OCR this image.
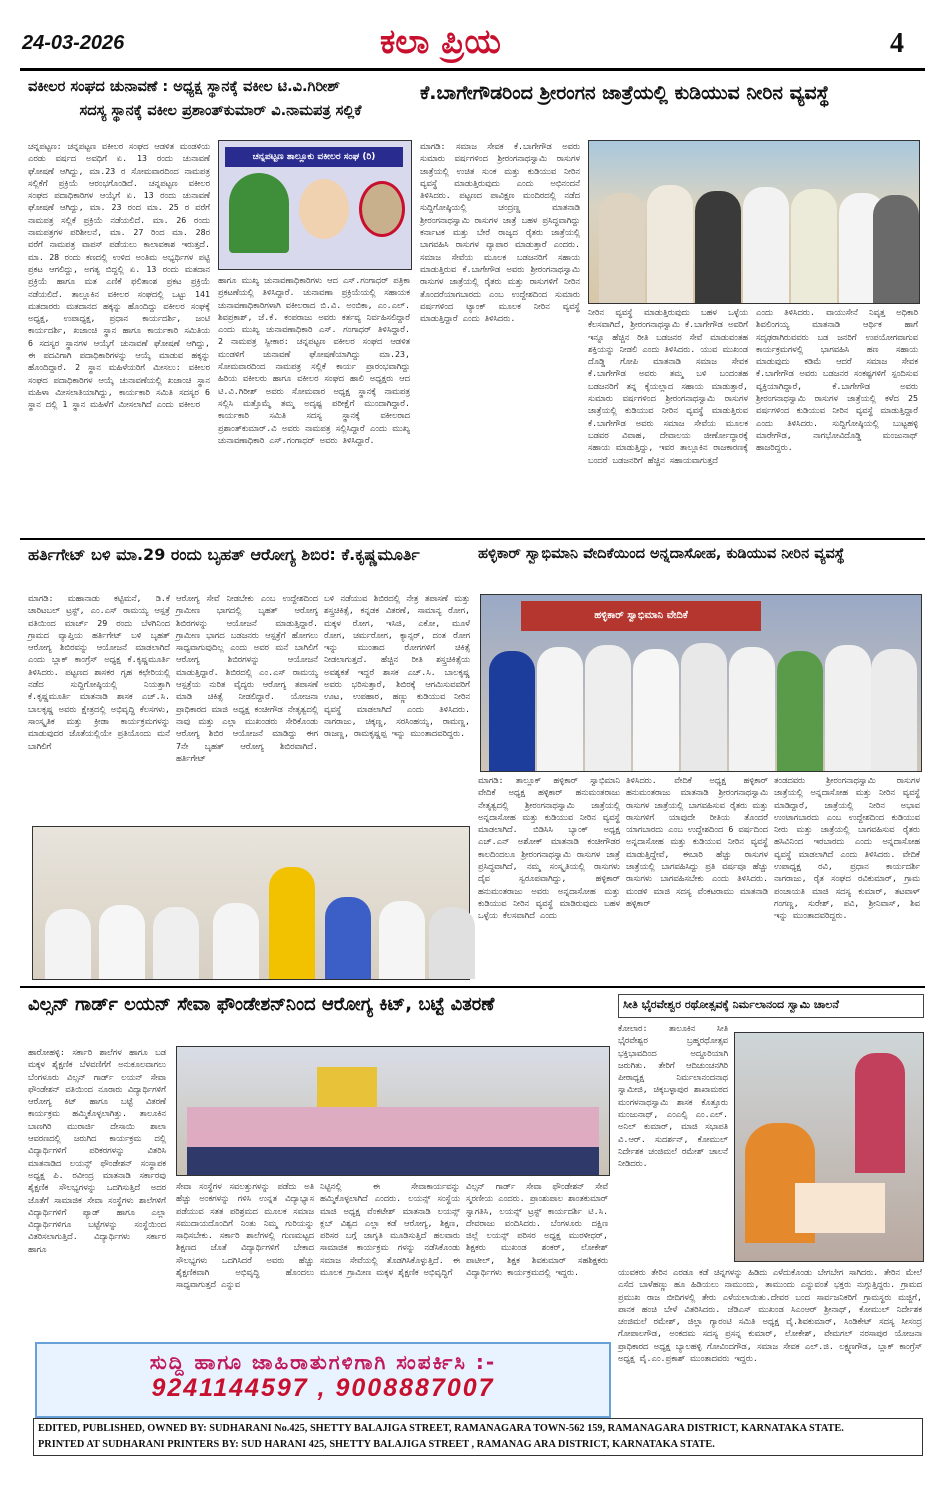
24-03-2026	ಕಲಾ ಪ್ರಿಯ	4
ವಕೀಲರ ಸಂಘದ ಚುನಾವಣೆ : ಅಧ್ಯಕ್ಷ ಸ್ಥಾನಕ್ಕೆ ವಕೀಲ ಟಿ.ವಿ.ಗಿರೀಶ್
ಸದಸ್ಯ ಸ್ಥಾನಕ್ಕೆ ವಕೀಲ ಪ್ರಶಾಂತ್‌ಕುಮಾರ್ ವಿ.ನಾಮಪತ್ರ ಸಲ್ಲಿಕೆ
ಚನ್ನಪಟ್ಟಣ: ಚನ್ನಪಟ್ಟಣ ವಕೀಲರ ಸಂಘದ ಆಡಳಿತ ಮಂಡಳಿಯ ಎರಡು ವರ್ಷದ ಅವಧಿಗೆ ಏ. 13 ರಂದು ಚುನಾವಣೆ ಘೋಷಣೆ ಆಗಿದ್ದು, ಮಾ.23 ರ ಸೋಮವಾರದಿಂದ ನಾಮಪತ್ರ ಸಲ್ಲಿಕೆಗೆ ಪ್ರಕ್ರಿಯೆ ಆರಂಭಗೊಂಡಿದೆ. ಚನ್ನಪಟ್ಟಣ ವಕೀಲರ ಸಂಘದ ಪದಾಧಿಕಾರಿಗಳ ಆಯ್ಕೆಗೆ ಏ. 13 ರಂದು ಚುನಾವಣೆ ಘೋಷಣೆ ಆಗಿದ್ದು, ಮಾ. 23 ರಂದ ಮಾ. 25 ರ ವರೆಗೆ ನಾಮಪತ್ರ ಸಲ್ಲಿಕೆ ಪ್ರಕ್ರಿಯೆ ನಡೆಯಲಿದೆ. ಮಾ. 26 ರಂದು ನಾಮಪತ್ರಗಳ ಪರಿಶೀಲನೆ, ಮಾ. 27 ರಿಂದ ಮಾ. 28ರ ವರೆಗೆ ನಾಮಪತ್ರ ವಾಪಸ್ ಪಡೆಯಲು ಕಾಲಾವಕಾಶ ಇರುತ್ತದೆ. ಮಾ. 28 ರಂದು ಕಣದಲ್ಲಿ ಉಳಿದ ಅಂತಿಮ ಅಭ್ಯರ್ಥಿಗಳ ಪಟ್ಟಿ ಪ್ರಕಟ ಆಗಲಿದ್ದು, ಅಗತ್ಯ ಬಿದ್ದಲ್ಲಿ ಏ. 13 ರಂದು ಮತದಾನ ಪ್ರಕ್ರಿಯೆ ಹಾಗೂ ಮತ ಎಣಿಕೆ ಫಲಿತಾಂಶ ಪ್ರಕಟ ಪ್ರಕ್ರಿಯೆ ನಡೆಯಲಿದೆ. ತಾಲ್ಲೂಕಿನ ವಕೀಲರ ಸಂಘದಲ್ಲಿ ಒಟ್ಟು 141 ಮತದಾರರು ಮತದಾನದ ಹಕ್ಕನ್ನು ಹೊಂದಿದ್ದು ವಕೀಲರ ಸಂಘಕ್ಕೆ ಅಧ್ಯಕ್ಷ, ಉಪಾಧ್ಯಕ್ಷ, ಪ್ರಧಾನ ಕಾರ್ಯದರ್ಶಿ, ಜಂಟಿ ಕಾರ್ಯದರ್ಶಿ, ಖಜಾಂಚಿ ಸ್ಥಾನ ಹಾಗೂ ಕಾರ್ಯಕಾರಿ ಸಮಿತಿಯ 6 ಸದಸ್ಯರ ಸ್ಥಾನಗಳ ಆಯ್ಕೆಗೆ ಚುನಾವಣೆ ಘೋಷಣೆ ಆಗಿದ್ದು, ಈ ಪದವಿಗಾಗಿ ಪದಾಧಿಕಾರಿಗಳನ್ನು ಆಯ್ಕೆ ಮಾಡುವ ಹಕ್ಕನ್ನು ಹೊಂದಿದ್ದಾರೆ. 2 ಸ್ಥಾನ ಮಹಿಳೆಯರಿಗೆ ಮೀಸಲು: ವಕೀಲರ ಸಂಘದ ಪದಾಧಿಕಾರಿಗಳ ಆಯ್ಕೆ ಚುನಾವಣೆಯಲ್ಲಿ ಖಜಾಂಚಿ ಸ್ಥಾನ ಮಹಿಳಾ ಮೀಸಲಾತಿಯಾಗಿದ್ದು, ಕಾರ್ಯಕಾರಿ ಸಮಿತಿ ಸದಸ್ಯರ 6 ಸ್ಥಾನ ದಲ್ಲಿ 1 ಸ್ಥಾನ ಮಹಿಳೆಗೆ ಮೀಸಲಾಗಿದೆ ಎಂದು ವಕೀಲರ
ಚನ್ನಪಟ್ಟಣ ತಾಲ್ಲೂಕು ವಕೀಲರ ಸಂಘ (ರಿ)
ಹಾಗೂ ಮುಖ್ಯ ಚುನಾವಣಾಧಿಕಾರಿಗಳು ಆದ ಎಸ್.ಗಂಗಾಧರ್ ಪತ್ರಿಕಾ ಪ್ರಕಟಣೆಯಲ್ಲಿ ತಿಳಿಸಿದ್ದಾರೆ. ಚುನಾವಣಾ ಪ್ರಕ್ರಿಯೆಯಲ್ಲಿ ಸಹಾಯಕ ಚುನಾವಣಾಧಿಕಾರಿಗಳಾಗಿ ವಕೀಲರಾದ ಬಿ.ವಿ. ಅಂಬಿಕಾ, ಎಂ.ಎಲ್. ಶಿವಪ್ರಕಾಶ್, ಜೆ.ಕೆ. ಕಂಪರಾಜು ಅವರು ಕರ್ತವ್ಯ ನಿರ್ವಹಿಸಲಿದ್ದಾರೆ ಎಂದು ಮುಖ್ಯ ಚುನಾವಣಾಧಿಕಾರಿ ಎಸ್. ಗಂಗಾಧರ್ ತಿಳಿಸಿದ್ದಾರೆ. 2 ನಾಮಪತ್ರ ಸ್ವೀಕಾರ: ಚನ್ನಪಟ್ಟಣ ವಕೀಲರ ಸಂಘದ ಆಡಳಿತ ಮಂಡಳಿಗೆ ಚುನಾವಣೆ ಘೋಷಣೆಯಾಗಿದ್ದು ಮಾ.23, ಸೋಮವಾರದಿಂದ ನಾಮಪತ್ರ ಸಲ್ಲಿಕೆ ಕಾರ್ಯ ಪ್ರಾರಂಭವಾಗಿದ್ದು ಹಿರಿಯ ವಕೀಲರು ಹಾಗೂ ವಕೀಲರ ಸಂಘದ ಹಾಲಿ ಅಧ್ಯಕ್ಷರು ಆದ ಟಿ.ವಿ.ಗಿರೀಶ್ ಅವರು ಸೋಮವಾರ ಅಧ್ಯಕ್ಷ ಸ್ಥಾನಕ್ಕೆ ನಾಮಪತ್ರ ಸಲ್ಲಿಸಿ ಮತ್ತೊಮ್ಮೆ ತಮ್ಮ ಅದೃಷ್ಟ ಪರೀಕ್ಷೆಗೆ ಮುಂದಾಗಿದ್ದಾರೆ. ಕಾರ್ಯಕಾರಿ ಸಮಿತಿ ಸದಸ್ಯ ಸ್ಥಾನಕ್ಕೆ ವಕೀಲರಾದ ಪ್ರಶಾಂತ್‌ಕುಮಾರ್.ವಿ ಅವರು ನಾಮಪತ್ರ ಸಲ್ಲಿಸಿದ್ದಾರೆ ಎಂದು ಮುಖ್ಯ ಚುನಾವಣಾಧಿಕಾರಿ ಎಸ್.ಗಂಗಾಧರ್ ಅವರು ತಿಳಿಸಿದ್ದಾರೆ.
ಕೆ.ಬಾಗೇಗೌಡರಿಂದ ಶ್ರೀರಂಗನ ಜಾತ್ರೆಯಲ್ಲಿ ಕುಡಿಯುವ ನೀರಿನ ವ್ಯವಸ್ಥೆ
ಮಾಗಡಿ: ಸಮಾಜ ಸೇವಕ ಕೆ.ಬಾಗೇಗೌಡ ಅವರು ಸುಮಾರು ವರ್ಷಗಳಿಂದ ಶ್ರೀರಂಗನಾಥಸ್ವಾಮಿ ರಾಸುಗಳ ಜಾತ್ರೆಯಲ್ಲಿ ಉಚಿತ ಸುಂಕ ಮತ್ತು ಕುಡಿಯುವ ನೀರಿನ ವ್ಯವಸ್ಥೆ ಮಾಡುತ್ತಿರುವುದು ಎಂದು ಅಭಿನಂದನೆ ತಿಳಿಸಿದರು. ಪಟ್ಟಣದ ಪಾವಿಕ್ಷಣ ಮಂದಿರದಲ್ಲಿ ನಡೆದ ಸುದ್ದಿಗೋಷ್ಠಿಯಲ್ಲಿ ಚಂದ್ರಣ್ಣ ಮಾತನಾಡಿ ಶ್ರೀರಂಗನಾಥಸ್ವಾಮಿ ರಾಸುಗಳ ಜಾತ್ರೆ ಬಹಳ ಪ್ರಸಿದ್ಧವಾಗಿದ್ದು ಕರ್ನಾಟಕ ಮತ್ತು ಬೇರೆ ರಾಜ್ಯದ ರೈತರು ಜಾತ್ರೆಯಲ್ಲಿ ಬಾಗವಹಿಸಿ ರಾಸುಗಳ ವ್ಯಾಪಾರ ಮಾಡುತ್ತಾರೆ ಎಂದರು. ಸಮಾಜ ಸೇವೆಯ ಮೂಲಕ ಬಡಜನರಿಗೆ ಸಹಾಯ ಮಾಡುತ್ತಿರುವ ಕೆ.ಬಾಗೇಗೌಡ ಅವರು ಶ್ರೀರಂಗನಾಥಸ್ವಾಮಿ ರಾಸುಗಳ ಜಾತ್ರೆಯಲ್ಲಿ ರೈತರು ಮತ್ತು ರಾಸುಗಳಿಗೆ ನೀರಿನ ತೊಂದರೆಯಾಗಬಾರದು ಎಂಬ ಉದ್ದೇಶದಿಂದ ಸುಮಾರು ವರ್ಷಗಳಿಂದ ಟ್ಯಾಂಕ್ ಮೂಲಕ ನೀರಿನ ವ್ಯವಸ್ಥೆ ಮಾಡುತ್ತಿದ್ದಾರೆ ಎಂದು ತಿಳಿಸಿದರು.
ನೀರಿನ ವ್ಯವಸ್ಥೆ ಮಾಡುತ್ತಿರುವುದು ಬಹಳ ಒಳ್ಳೆಯ ಕೆಲಸವಾಗಿದೆ, ಶ್ರೀರಂಗನಾಥಸ್ವಾಮಿ ಕೆ.ಬಾಗೇಗೌಡ ಅವರಿಗೆ ಇನ್ನೂ ಹೆಚ್ಚಿನ ರೀತಿ ಬಡಜನರ ಸೇವೆ ಮಾಡುವಂತಹ ಶಕ್ತಿಯನ್ನು ನೀಡಲಿ ಎಂದು ತಿಳಿಸಿದರು. ಯುವ ಮುಖಂಡ ದೊಡ್ಡಿ ಗೋಪಿ ಮಾತನಾಡಿ ಸಮಾಜ ಸೇವಕ ಕೆ.ಬಾಗೇಗೌಡ ಅವರು ತಮ್ಮ ಬಳಿ ಬಂದಂತಹ ಬಡಜನರಿಗೆ ತನ್ನ ಕೈಯಲ್ಲಾದ ಸಹಾಯ ಮಾಡುತ್ತಾರೆ, ಸುಮಾರು ವರ್ಷಗಳಿಂದ ಶ್ರೀರಂಗನಾಥಸ್ವಾಮಿ ರಾಸುಗಳ ಜಾತ್ರೆಯಲ್ಲಿ ಕುಡಿಯುವ ನೀರಿನ ವ್ಯವಸ್ಥೆ ಮಾಡುತ್ತಿರುವ ಕೆ.ಬಾಗೇಗೌಡ ಅವರು ಸಮಾಜ ಸೇವೆಯ ಮೂಲಕ ಬಡವರ ವಿವಾಹ, ದೇವಾಲಯ ಜೀರ್ಣೋದ್ಧಾರಕ್ಕೆ ಸಹಾಯ ಮಾಡುತ್ತಿದ್ದು, ಇವರ ತಾಲ್ಲೂಕಿನ ರಾಜಕಾರಣಕ್ಕೆ ಬಂದರೆ ಬಡಜನರಿಗೆ ಹೆಚ್ಚಿನ ಸಹಾಯವಾಗುತ್ತದೆ
ಎಂದು ತಿಳಿಸಿದರು. ವಾಯುಸೇನೆ ನಿವೃತ್ತ ಅಧಿಕಾರಿ ಶಿವಲಿಂಗಯ್ಯ ಮಾತನಾಡಿ ಆರ್ಥಿಕ ಹಾಗೆ ಸದೃಢರಾಗಿರುವವರು ಬಡ ಜನರಿಗೆ ಉಪಯೋಗವಾಗುವ ಕಾರ್ಯಕ್ರಮಗಳಲ್ಲಿ ಭಾಗವಹಿಸಿ ಹಣ ಸಹಾಯ ಮಾಡುವುದು ಕಡಿಮೆ ಆದರೆ ಸಮಾಜ ಸೇವಕ ಕೆ.ಬಾಗೇಗೌಡ ಅವರು ಬಡಜನರ ಸಂಕಷ್ಟಗಳಿಗೆ ಸ್ಪಂದಿಸುವ ವ್ಯಕ್ತಿಯಾಗಿದ್ದಾರೆ, ಕೆ.ಬಾಗೇಗೌಡ ಅವರು ಶ್ರೀರಂಗನಾಥಸ್ವಾಮಿ ರಾಸುಗಳ ಜಾತ್ರೆಯಲ್ಲಿ ಕಳೆದ 25 ವರ್ಷಗಳಿಂದ ಕುಡಿಯುವ ನೀರಿನ ವ್ಯವಸ್ಥೆ ಮಾಡುತ್ತಿದ್ದಾರೆ ಎಂದು ತಿಳಿಸಿದರು. ಸುದ್ದಿಗೋಷ್ಠಿಯಲ್ಲಿ ಬುಟ್ಟಹಳ್ಳಿ ಮಾರೇಗೌಡ, ನಾಗಭೋವಿದೊಡ್ಡಿ ಮಂಜುನಾಥ್ ಹಾಜರಿದ್ದರು.
ಹರ್ತಿಗೇಟ್ ಬಳಿ ಮಾ.29 ರಂದು ಬೃಹತ್ ಆರೋಗ್ಯ ಶಿಬಿರ: ಕೆ.ಕೃಷ್ಣಮೂರ್ತಿ
ಮಾಗಡಿ: ಮಹಾನಾಡು ಕಟ್ಟಿಮನೆ, ಡಿ.ಕೆ ಚಾರಿಟಬಲ್ ಟ್ರಸ್ಟ್, ಎಂ.ಎಸ್ ರಾಮಯ್ಯ ಆಸ್ಪತ್ರೆ ವತಿಯಿಂದ ಮಾರ್ಚ್ 29 ರಂದು ಬೆಳಗಿನಿಂದ ಗ್ರಾಮದ ವ್ಯಾಪ್ತಿಯ ಹರ್ತಿಗೇಟ್ ಬಳಿ ಬೃಹತ್ ಆರೋಗ್ಯ ಶಿಬಿರವನ್ನು ಆಯೋಜನೆ ಮಾಡಲಾಗಿದೆ ಎಂದು ಬ್ಲಾಕ್ ಕಾಂಗ್ರೆಸ್ ಅಧ್ಯಕ್ಷ ಕೆ.ಕೃಷ್ಣಮೂರ್ತಿ ತಿಳಿಸಿದರು. ಪಟ್ಟಣದ ಶಾಸಕರ ಗೃಹ ಕಛೇರಿಯಲ್ಲಿ ನಡೆದ ಸುದ್ದಿಗೋಷ್ಠಿಯಲ್ಲಿ ನಿಯತ್ತಾಗಿ ಕೆ.ಕೃಷ್ಣಮೂರ್ತಿ ಮಾತನಾಡಿ ಶಾಸಕ ಎಚ್.ಸಿ. ಬಾಲಕೃಷ್ಣ ಅವರು ಕ್ಷೇತ್ರದಲ್ಲಿ ಅಭಿವೃದ್ಧಿ ಕೆಲಸಗಳು, ಸಾಂಸ್ಕೃತಿಕ ಮತ್ತು ಕ್ರೀಡಾ ಕಾರ್ಯಕ್ರಮಗಳನ್ನು ಮಾಡುವುದರ ಜೊತೆಯಲ್ಲಿಯೇ ಪ್ರತಿಯೊಂದು ಮನೆ ಬಾಗಿಲಿಗೆ
ಆರೋಗ್ಯ ಸೇವೆ ನೀಡಬೇಕು ಎಂಬ ಉದ್ದೇಶದಿಂದ ಗ್ರಾಮೀಣ ಭಾಗದಲ್ಲಿ ಬೃಹತ್ ಆರೋಗ್ಯ ಶಿಬಿರಗಳನ್ನು ಆಯೋಜನೆ ಮಾಡುತ್ತಿದ್ದಾರೆ. ಗ್ರಾಮೀಣ ಭಾಗದ ಬಡಜನರು ಆಸ್ಪತ್ರೆಗೆ ಹೋಗಲು ಸಾಧ್ಯವಾಗುವುದಿಲ್ಲ ಎಂದು ಅವರ ಮನೆ ಬಾಗಿಲಿಗೆ ಆರೋಗ್ಯ ಶಿಬಿರಗಳನ್ನು ಆಯೋಜನೆ ಮಾಡುತ್ತಿದ್ದಾರೆ. ಶಿಬಿರದಲ್ಲಿ ಎಂ.ಎಸ್ ರಾಮಯ್ಯ ಆಸ್ಪತ್ರೆಯ ನುರಿತ ವೈದ್ಯರು ಆರೋಗ್ಯ ತಪಾಸಣೆ ಮಾಡಿ ಚಿಕಿತ್ಸೆ ನೀಡಲಿದ್ದಾರೆ. ಯೋಜನಾ ಪ್ರಾಧಿಕಾರದ ಮಾಜಿ ಅಧ್ಯಕ್ಷ ಕಂಚೀಗೌಡ ನೇತೃತ್ವದಲ್ಲಿ ನಾವು ಮತ್ತು ಎಲ್ಲಾ ಮುಖಂಡರು ಸೇರಿಕೊಂಡು ಆರೋಗ್ಯ ಶಿಬಿರ ಆಯೋಜನೆ ಮಾಡಿದ್ದು ಈಗ 7ನೇ ಬೃಹತ್ ಆರೋಗ್ಯ ಶಿಬಿರವಾಗಿದೆ. ಹರ್ತಿಗೇಟ್
ಬಳಿ ನಡೆಯುವ ಶಿಬಿರದಲ್ಲಿ ನೇತ್ರ ತಪಾಸಣೆ ಮತ್ತು ಶಸ್ತ್ರಚಿಕಿತ್ಸೆ, ಕನ್ನಡಕ ವಿತರಣೆ, ಸಾಮಾನ್ಯ ರೋಗ, ಮಕ್ಕಳ ರೋಗ, ಇಸಿಜಿ, ಎಕೋ, ಮೂಳೆ ರೋಗ, ಚರ್ಮರೋಗ, ಕ್ಯಾನ್ಸರ್, ದಂತ ರೋಗ ಇನ್ನು ಮುಂತಾದ ರೋಗಗಳಿಗೆ ಚಿಕಿತ್ಸೆ ನೀಡಲಾಗುತ್ತದೆ. ಹೆಚ್ಚಿನ ರೀತಿ ಶಸ್ತ್ರಚಿಕಿತ್ಸೆಯ ಅವಶ್ಯಕತೆ ಇದ್ದರೆ ಶಾಸಕ ಎಚ್.ಸಿ. ಬಾಲಕೃಷ್ಣ ಅವರು ಭರಿಸುತ್ತಾರೆ, ಶಿಬಿರಕ್ಕೆ ಆಗಮಿಸುವವರಿಗೆ ಊಟ, ಉಪಹಾರ, ಹಣ್ಣು ಕುಡಿಯುವ ನೀರಿನ ವ್ಯವಸ್ಥೆ ಮಾಡಲಾಗಿದೆ ಎಂದು ತಿಳಿಸಿದರು. ನಾಗರಾಜು, ಚಿಕ್ಕಣ್ಣ, ಸರಸಿಂಹಯ್ಯ, ರಾಮಣ್ಣ, ರಾಜಣ್ಣ, ರಾಮಕೃಷ್ಣಪ್ಪ ಇನ್ನು ಮುಂತಾದವರಿದ್ದರು.
ಹಳ್ಳಿಕಾರ್ ಸ್ವಾಭಿಮಾನಿ ವೇದಿಕೆಯಿಂದ ಅನ್ನದಾಸೋಹ, ಕುಡಿಯುವ ನೀರಿನ ವ್ಯವಸ್ಥೆ
ಹಳ್ಳಿಕಾರ್ ಸ್ವಾಭಿಮಾನಿ ವೇದಿಕೆ
ಮಾಗಡಿ: ತಾಲ್ಲೂಕ್ ಹಳ್ಳಿಕಾರ್ ಸ್ವಾಭಿಮಾನಿ ವೇದಿಕೆ ಅಧ್ಯಕ್ಷ ಹಳ್ಳಿಕಾರ್ ಹನುಮಂತರಾಜು ನೇತೃತ್ವದಲ್ಲಿ ಶ್ರೀರಂಗನಾಥಸ್ವಾಮಿ ಜಾತ್ರೆಯಲ್ಲಿ ಅನ್ನದಾಸೋಹ ಮತ್ತು ಕುಡಿಯುವ ನೀರಿನ ವ್ಯವಸ್ಥೆ ಮಾಡಲಾಗಿದೆ. ಬಿಡಿಸಿಸಿ ಬ್ಯಾಂಕ್ ಅಧ್ಯಕ್ಷ ಎಚ್.ಎನ್ ಅಶೋಕ್ ಮಾತನಾಡಿ ಕಂಚೀಗೌಡರ ಕಾಲದಿಂದಲೂ ಶ್ರೀರಂಗನಾಥಸ್ವಾಮಿ ರಾಸುಗಳ ಜಾತ್ರೆ ಪ್ರಸಿದ್ಧವಾಗಿದೆ, ನಮ್ಮ ಸಂಸ್ಕೃತಿಯಲ್ಲಿ ರಾಸುಗಳು ದೈವ ಸ್ವರೂಪವಾಗಿದ್ದು, ಹಳ್ಳಿಕಾರ್ ಹನುಮಂತರಾಜು ಅವರು ಅನ್ನದಾಸೋಹ ಮತ್ತು ಕುಡಿಯುವ ನೀರಿನ ವ್ಯವಸ್ಥೆ ಮಾಡಿರುವುದು ಬಹಳ ಒಳ್ಳೆಯ ಕೆಲಸವಾಗಿದೆ ಎಂದು
ತಿಳಿಸಿದರು. ವೇದಿಕೆ ಅಧ್ಯಕ್ಷ ಹಳ್ಳಿಕಾರ್ ಹನುಮಂತರಾಜು ಮಾತನಾಡಿ ಶ್ರೀರಂಗನಾಥಸ್ವಾಮಿ ರಾಸುಗಳ ಜಾತ್ರೆಯಲ್ಲಿ ಬಾಗವಹಿಸುವ ರೈತರು ಮತ್ತು ರಾಸುಗಳಿಗೆ ಯಾವುದೇ ರೀತಿಯ ತೊಂದರೆ ಯಾಗಬಾರದು ಎಂಬ ಉದ್ದೇಶದಿಂದ 6 ವರ್ಷದಿಂದ ಅನ್ನದಾಸೋಹ ಮತ್ತು ಕುಡಿಯುವ ನೀರಿನ ವ್ಯವಸ್ಥೆ ಮಾಡುತ್ತಿದ್ದೇವೆ, ಈಬಾರಿ ಹೆಚ್ಚು ರಾಸುಗಳ ಜಾತ್ರೆಯಲ್ಲಿ ಬಾಗವಹಿಸಿದ್ದು ಪ್ರತಿ ವರ್ಷವೂ ಹೆಚ್ಚು ರಾಸುಗಳು ಬಾಗವಹಿಸಬೇಕು ಎಂದು ತಿಳಿಸಿದರು. ಮಂಡಳಿ ಮಾಜಿ ಸದಸ್ಯ ವೆಂಕಟರಾಮು ಮಾತನಾಡಿ ಹಳ್ಳಿಕಾರ್
ತಂಡದವರು ಶ್ರೀರಂಗನಾಥಸ್ವಾಮಿ ರಾಸುಗಳ ಜಾತ್ರೆಯಲ್ಲಿ ಅನ್ನದಾಸೋಹ ಮತ್ತು ನೀರಿನ ವ್ಯವಸ್ಥೆ ಮಾಡಿದ್ದಾರೆ, ಜಾತ್ರೆಯಲ್ಲಿ ನೀರಿನ ಅಭಾವ ಉಂಟಾಗಬಾರದು ಎಂಬ ಉದ್ದೇಶದಿಂದ ಕುಡಿಯುವ ನೀರು ಮತ್ತು ಜಾತ್ರೆಯಲ್ಲಿ ಬಾಗವಹಿಸುವ ರೈತರು ಹಸಿವಿನಿಂದ ಇರಬಾರದು ಎಂದು ಅನ್ನದಾಸೋಹ ವ್ಯವಸ್ಥೆ ಮಾಡಲಾಗಿದೆ ಎಂದು ತಿಳಿಸಿದರು. ವೇದಿಕೆ ಉಪಾಧ್ಯಕ್ಷ ರವಿ, ಪ್ರಧಾನ ಕಾರ್ಯದರ್ಶಿ ನಾಗರಾಜು, ರೈತ ಸಂಘದ ರವಿಕುಮಾರ್, ಗ್ರಾಮ ಪಂಚಾಯತಿ ಮಾಜಿ ಸದಸ್ಯ ಕುಮಾರ್, ತಟವಾಳ್ ಗಂಗಣ್ಣ, ಸುರೇಶ್, ಪವಿ, ಶ್ರೀನಿವಾಸ್, ಶಿವ ಇನ್ನು ಮುಂತಾದವರಿದ್ದರು.
ವಿಲ್ಸನ್ ಗಾರ್ಡ್ ಲಯನ್ ಸೇವಾ ಫೌಂಡೇಶನ್‌ನಿಂದ ಆರೋಗ್ಯ ಕಿಟ್, ಬಟ್ಟೆ ವಿತರಣೆ
ಹಾರೋಹಳ್ಳಿ: ಸರ್ಕಾರಿ ಶಾಲೆಗಳ ಹಾಗೂ ಬಡ ಮಕ್ಕಳ ಶೈಕ್ಷಣಿಕ ಬೆಳವಣಿಗೆಗೆ ಅನುಕೂಲವಾಗಲು ಬೆಂಗಳೂರು ವಿಲ್ಸನ್ ಗಾರ್ಡ್ ಲಯನ್ ಸೇವಾ ಫೌಂಡೇಶನ್ ವತಿಯಿಂದ ನೂರಾರು ವಿದ್ಯಾರ್ಥಿಗಳಿಗೆ ಆರೋಗ್ಯ ಕಿಟ್ ಹಾಗೂ ಬಟ್ಟೆ ವಿತರಣೆ ಕಾರ್ಯಕ್ರಮ ಹಮ್ಮಿಕೊಳ್ಳಲಾಗಿತ್ತು. ತಾಲೂಕಿನ ಬಾಣಗಿರಿ ಮುರಾರ್ಜಿ ದೇಸಾಯಿ ಶಾಲಾ ಆವರಣದಲ್ಲಿ ಜರುಗಿದ ಕಾರ್ಯಕ್ರಮ ದಲ್ಲಿ ವಿದ್ಯಾರ್ಥಿಗಳಿಗೆ ಪರಿಕರಗಳನ್ನು ವಿತರಿಸಿ ಮಾತನಾಡಿದ ಲಯನ್ಸ್ ಫೌಂಡೇಶನ್ ಸಂಸ್ಥಾಪಕ ಅಧ್ಯಕ್ಷ ಪಿ. ರವೀಂದ್ರ ಮಾತನಾಡಿ ಸರ್ಕಾರವು ಶೈಕ್ಷಣಿಕ ಸೌಲಭ್ಯಗಳನ್ನು ಒದಗಿಸುತ್ತಿದೆ ಅದರ ಜೊತೆಗೆ ಸಾಮಾಜಿಕ ಸೇವಾ ಸಂಸ್ಥೆಗಳು ಶಾಲೆಗಳಿಗೆ ವಿದ್ಯಾರ್ಥಿಗಳಿಗೆ ಪ್ಯಾಡ್ ಹಾಗೂ ಎಲ್ಲಾ ವಿದ್ಯಾರ್ಥಿಗಳಿಗೂ ಬಟ್ಟೆಗಳನ್ನು ಸಂಸ್ಥೆಯಿಂದ ವಿತರಿಸಲಾಗುತ್ತಿದೆ. ವಿದ್ಯಾರ್ಥಿಗಳು ಸರ್ಕಾರ ಹಾಗೂ
ಸೇವಾ ಸಂಸ್ಥೆಗಳ ಸವಲತ್ತುಗಳನ್ನು ಪಡೆದು ಅತಿ ಹೆಚ್ಚು ಅಂಕಗಳನ್ನು ಗಳಿಸಿ ಉನ್ನತ ವಿದ್ಯಾಭ್ಯಾಸ ಪಡೆಯುವ ಸತತ ಪರಿಶ್ರಮದ ಮೂಲಕ ಸಮಾಜ ಸಮುದಾಯದೊಂದಿಗೆ ನಿಂತು ನಿಮ್ಮ ಗುರಿಯನ್ನು ಸಾಧಿಸಬೇಕು. ಸರ್ಕಾರಿ ಶಾಲೆಗಳಲ್ಲಿ ಗುಣಮಟ್ಟದ ಶಿಕ್ಷಣದ ಜೊತೆ ವಿದ್ಯಾರ್ಥಿಗಳಿಗೆ ಬೇಕಾದ ಸೌಲಭ್ಯಗಳು ಒದಗಿಸಿದರೆ ಅವರು ಹೆಚ್ಚು ಶೈಕ್ಷಣಿಕವಾಗಿ ಅಭಿವೃದ್ಧಿ ಹೊಂದಲು ಸಾಧ್ಯವಾಗುತ್ತದೆ ಎನ್ನುವ
ನಿಟ್ಟಿನಲ್ಲಿ ಈ ಸೇವಾಕಾರ್ಯವನ್ನು ಹಮ್ಮಿಕೊಳ್ಳಲಾಗಿದೆ ಎಂದರು. ಲಯನ್ಸ್ ಸಂಸ್ಥೆಯ ಮಾಜಿ ಅಧ್ಯಕ್ಷ ವೆಂಕಟೇಶ್ ಮಾತನಾಡಿ ಲಯನ್ಸ್ ಕ್ಲಬ್ ವಿಶ್ವದ ಎಲ್ಲಾ ಕಡೆ ಆರೋಗ್ಯ, ಶಿಕ್ಷಣ, ಪರಿಸರ ಬಗ್ಗೆ ಜಾಗೃತಿ ಮೂಡಿಸುತ್ತಿದೆ ಹಲವಾರು ಸಾಮಾಜಿಕ ಕಾರ್ಯಕ್ರಮ ಗಳನ್ನು ನಡೆಸಿಕೊಂಡು ಸಮಾಜ ಸೇವೆಯಲ್ಲಿ ತೊಡಗಿಸಿಕೊಳ್ಳುತ್ತಿದೆ. ಈ ಮೂಲಕ ಗ್ರಾಮೀಣ ಮಕ್ಕಳ ಶೈಕ್ಷಣಿಕ ಅಭಿವೃದ್ಧಿಗೆ
ವಿಲ್ಸನ್ ಗಾರ್ಡ್ ಸೇವಾ ಫೌಂಡೇಶನ್ ಸೇವೆ ಸ್ಮರಣೀಯ ಎಂದರು. ಪ್ರಾಂಶುಪಾಲ ಶಾಂತಕುಮಾರ್ ಸ್ವಾಗತಿಸಿ, ಲಯನ್ಸ್ ಟ್ರಸ್ಟ್ ಕಾರ್ಯದರ್ಶಿ ಟಿ.ಸಿ. ದೇವರಾಜು ವಂದಿಸಿದರು. ಬೆಂಗಳೂರು ದಕ್ಷಿಣ ಜಿಲ್ಲೆ ಲಯನ್ಸ್ ಪರಿಸರ ಅಧ್ಯಕ್ಷ ಮುರಳೀಧರ್, ಶಿಕ್ಷಕರು ಮುಖಂಡ ಶಂಕರ್, ಲೋಕೇಶ್ ಪಾಟೀಲ್, ಶಿಕ್ಷಕ ಶಿವಕುಮಾರ್ ಸಹಶಿಕ್ಷಕರು ವಿದ್ಯಾರ್ಥಿಗಳು ಕಾರ್ಯಕ್ರಮದಲ್ಲಿ ಇದ್ದರು.
ಸೀತಿ ಭೈರವೇಶ್ವರ ರಥೋತ್ಸವಕ್ಕೆ ನಿರ್ಮಲಾನಂದ ಸ್ವಾಮಿ ಚಾಲನೆ
ಕೋಲಾರ: ತಾಲೂಕಿನ ಸೀತಿ ಭೈರವೇಶ್ವರ ಬ್ರಹ್ಮರಥೋತ್ಸವ ಭಕ್ತಿಭಾವದಿಂದ ಅದ್ದೂರಿಯಾಗಿ ಜರುಗಿತು. ತೇರಿಗೆ ಆದಿಚುಂಚನಗಿರಿ ಪೀಠಾಧ್ಯಕ್ಷ ನಿರ್ಮಲಾನಂದನಾಥ ಸ್ವಾಮೀಜಿ, ಚಿಕ್ಕಬಳ್ಳಾಪುರ ಶಾಖಾಮಠದ ಮಂಗಳನಾಥಸ್ವಾಮಿ ಶಾಸಕ ಕೊತ್ತೂರು ಮಂಜುನಾಥ್, ಎಂಎಲ್ಸಿ ಎಂ.ಎಲ್. ಅನಿಲ್ ಕುಮಾರ್, ಮಾಜಿ ಸಭಾಪತಿ ವಿ.ಆರ್. ಸುದರ್ಶನ್, ಕೋಮುಲ್ ನಿರ್ದೇಶಕ ಚಂಜಿಮಲೆ ರಮೇಶ್ ಚಾಲನೆ ನೀಡಿದರು.
ಯುವಕರು ತೇರಿನ ಎರಡೂ ಕಡೆ ಚಿನ್ನಗಳನ್ನು ಹಿಡಿದು ಎಳೆದುಕೊಂಡು ಬೇಗಬೇಗ ಸಾಗಿದರು. ತೇರಿನ ಮೇಲೆ ಎಸೆದ ಬಾಳೆಹಣ್ಣು ಹೂ ಹಿಡಿಯಲು ನಾಮುಂದು, ತಾಮುಂದು ಎನ್ನುವಂತೆ ಭಕ್ತರು ನುಗ್ಗುತ್ತಿದ್ದರು. ಗ್ರಾಮದ ಪ್ರಮುಖ ರಾಜ ಬೀದಿಗಳಲ್ಲಿ ತೇರು ಎಳೆಯಲಾಯಿತು.ದೇವರ ಬಂದ ಸಾರ್ವಜನಿಕರಿಗೆ ಗ್ರಾಮಸ್ಥರು ಮಜ್ಜಿಗೆ, ಪಾನಕ ಹಂಚಿ ಬೇಳೆ ವಿತರಿಸಿದರು. ಜೆಡಿಎಸ್ ಮುಖಂಡ ಸಿಎಂಆರ್ ಶ್ರೀನಾಥ್, ಕೋಮುಲ್ ನಿರ್ದೇಶಕ ಚಂಜಿಮಲೆ ರಮೇಶ್, ಜಿಲ್ಲಾ ಗ್ಯಾರಂಟಿ ಸಮಿತಿ ಅಧ್ಯಕ್ಷ ವೈ.ಶಿವಕುಮಾರ್, ಸಿಂಡಿಕೇಟ್ ಸದಸ್ಯ ಸೀಸಂದ್ರ ಗೋಪಾಲಗೌಡ, ಅಂಕದಮ ಸದಸ್ಯ ಪ್ರಸನ್ನ ಕುಮಾರ್, ಲೋಕೇಶ್, ವೇಮಗಲ್ ನರಸಾಪುರ ಯೋಜನಾ ಪ್ರಾಧಿಕಾರದ ಅಧ್ಯಕ್ಷ ಬ್ಯಾಲಹಳ್ಳಿ ಗೋವಿಂದಗೌಡ, ಸಮಾಜ ಸೇವಕ ಎಲ್.ಜಿ. ಲಕ್ಷ್ಮಣಗೌಡ, ಬ್ಲಾಕ್ ಕಾಂಗ್ರೆಸ್ ಅಧ್ಯಕ್ಷ ವೈ.ಎಂ.ಪ್ರಕಾಶ್ ಮುಂತಾದವರು ಇದ್ದರು.
ಸುದ್ದಿ ಹಾಗೂ ಜಾಹಿರಾತುಗಳಿಗಾಗಿ ಸಂಪರ್ಕಿಸಿ :-
9241144597 , 9008887007
EDITED, PUBLISHED, OWNED BY: SUDHARANI No.425, SHETTY BALAJIGA STREET, RAMANAGARA TOWN-562 159, RAMANAGARA DISTRICT, KARNATAKA STATE.
PRINTED AT SUDHARANI PRINTERS BY: SUD HARANI 425, SHETTY BALAJIGA STREET , RAMANAG ARA DISTRICT, KARNATAKA STATE.
